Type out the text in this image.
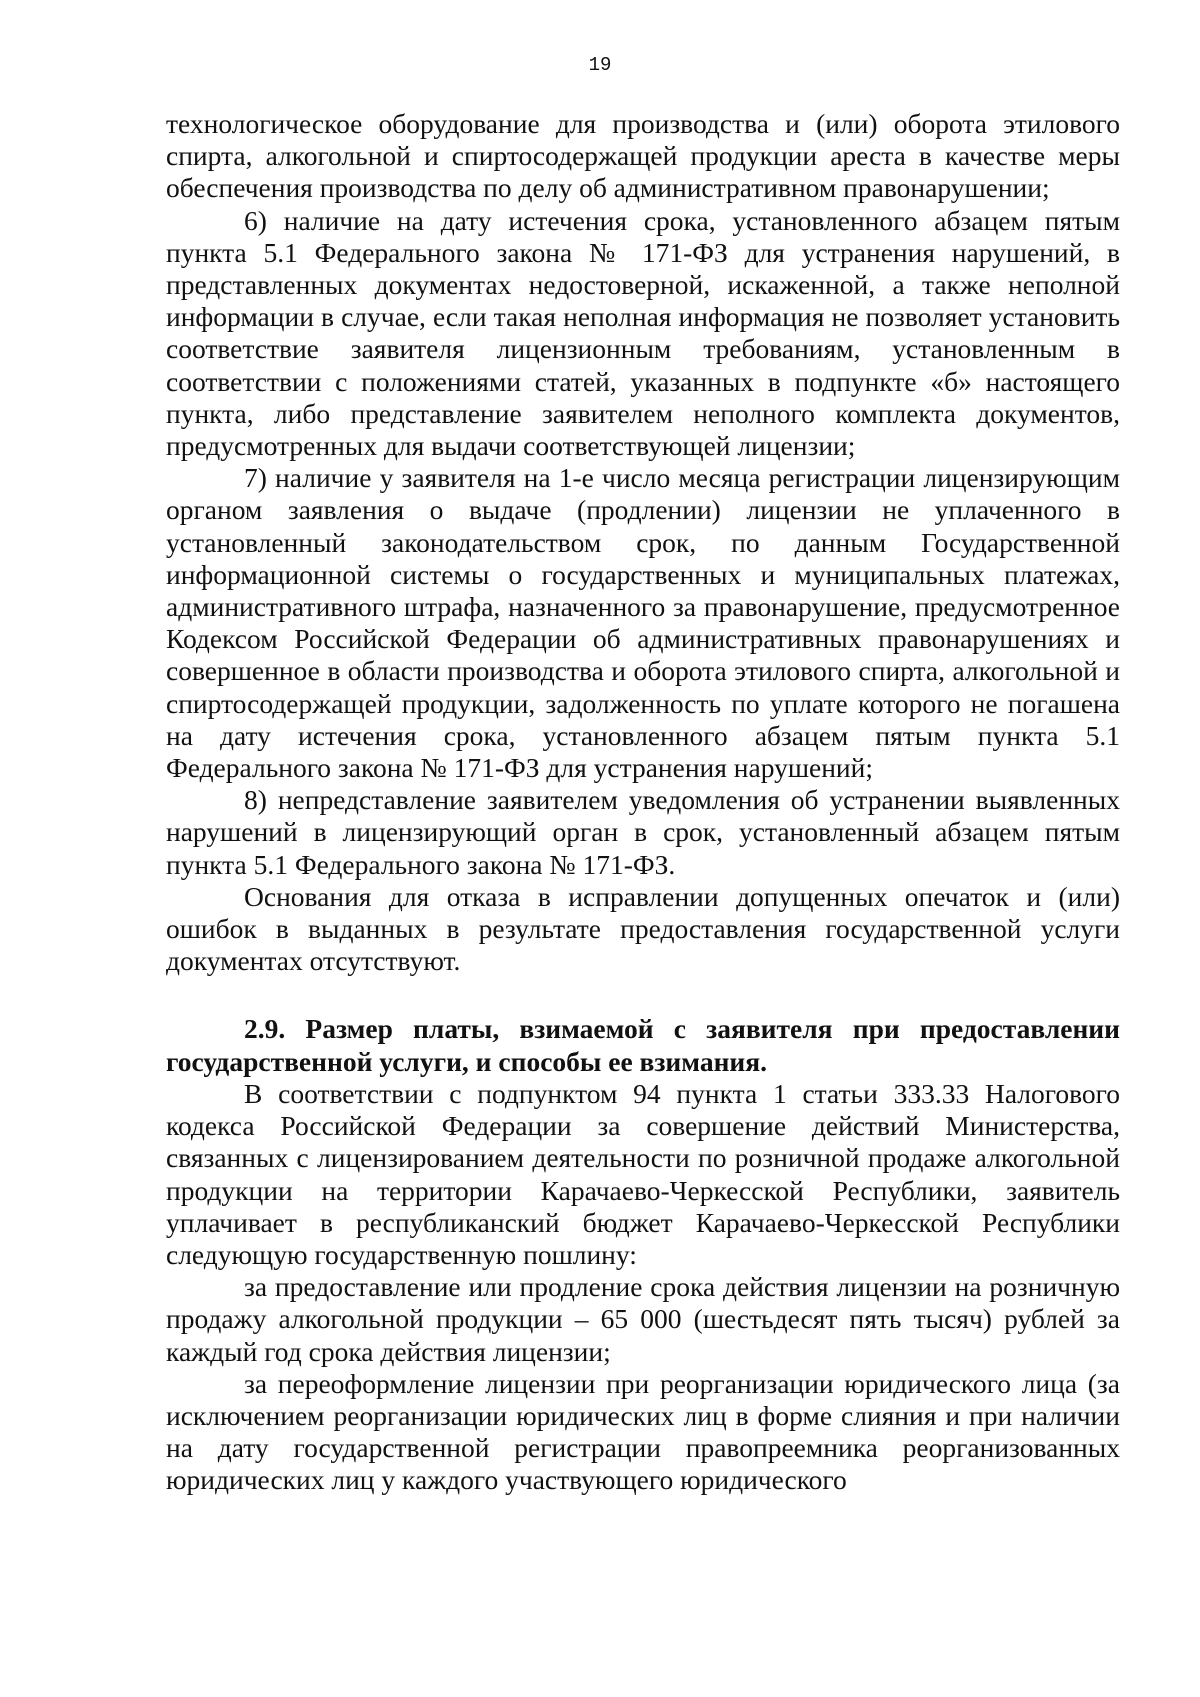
19

технологическое оборудование для производства и (или) оборота этилового спирта, алкогольной и спиртосодержащей продукции ареста в качестве меры обеспечения производства по делу об административном правонарушении;

6) наличие на дату истечения срока, установленного абзацем пятым пункта 5.1 Федерального закона № 171-ФЗ для устранения нарушений, в представленных документах недостоверной, искаженной, а также неполной информации в случае, если такая неполная информация не позволяет установить соответствие заявителя лицензионным требованиям, установленным в соответствии с положениями статей, указанных в подпункте «б» настоящего пункта, либо представление заявителем неполного комплекта документов, предусмотренных для выдачи соответствующей лицензии;

7) наличие у заявителя на 1-е число месяца регистрации лицензирующим органом заявления о выдаче (продлении) лицензии не уплаченного в установленный законодательством срок, по данным Государственной информационной системы о государственных и муниципальных платежах, административного штрафа, назначенного за правонарушение, предусмотренное Кодексом Российской Федерации об административных правонарушениях и совершенное в области производства и оборота этилового спирта, алкогольной и спиртосодержащей продукции, задолженность по уплате которого не погашена на дату истечения срока, установленного абзацем пятым пункта 5.1 Федерального закона № 171-ФЗ для устранения нарушений;

8) непредставление заявителем уведомления об устранении выявленных нарушений в лицензирующий орган в срок, установленный абзацем пятым пункта 5.1 Федерального закона № 171-ФЗ.

Основания для отказа в исправлении допущенных опечаток и (или) ошибок в выданных в результате предоставления государственной услуги документах отсутствуют.

2.9. Размер платы, взимаемой с заявителя при предоставлении государственной услуги, и способы ее взимания.

В соответствии с подпунктом 94 пункта 1 статьи 333.33 Налогового кодекса Российской Федерации за совершение действий Министерства, связанных с лицензированием деятельности по розничной продаже алкогольной продукции на территории Карачаево-Черкесской Республики, заявитель уплачивает в республиканский бюджет Карачаево-Черкесской Республики следующую государственную пошлину:

за предоставление или продление срока действия лицензии на розничную продажу алкогольной продукции – 65 000 (шестьдесят пять тысяч) рублей за каждый год срока действия лицензии;

за переоформление лицензии при реорганизации юридического лица (за исключением реорганизации юридических лиц в форме слияния и при наличии на дату государственной регистрации правопреемника реорганизованных юридических лиц у каждого участвующего юридического
